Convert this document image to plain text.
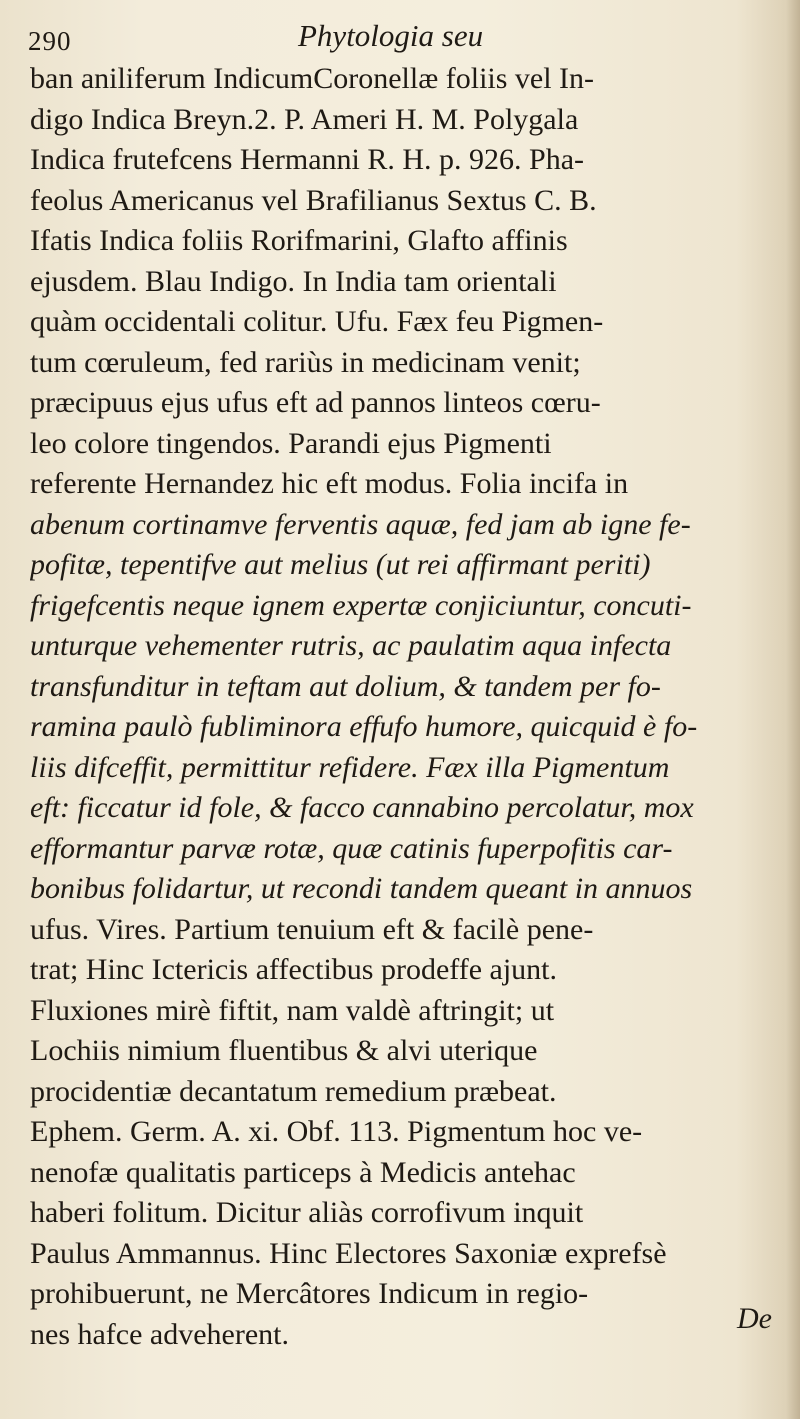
290	Phytologia seu
ban aniliferum IndicumCoronellæ foliis vel In-
digo Indica Breyn.2. P. Ameri H. M. Polygala
Indica frutefcens Hermanni R. H. p. 926. Pha-
feolus Americanus vel Brafilianus Sextus C. B.
Ifatis Indica foliis Rorifmarini, Glafto affinis
ejusdem. Blau Indigo. In India tam orientali
quàm occidentali colitur. Ufu. Fæx feu Pigmen-
tum cœruleum, fed rariùs in medicinam venit;
præcipuus ejus ufus eft ad pannos linteos cœru-
leo colore tingendos. Parandi ejus Pigmenti
referente Hernandez hic eft modus. Folia incifa in
abenum cortinamve ferventis aquæ, fed jam ab igne fe-
pofitæ, tepentifve aut melius (ut rei affirmant periti)
frigefcentis neque ignem expertæ conjiciuntur, concuti-
unturque vehementer rutris, ac paulatim aqua infecta
transfunditur in teftam aut dolium, & tandem per fo-
ramina paulò fubliminora effufo humore, quicquid è fo-
liis difceffit, permittitur refidere. Fæx illa Pigmentum
eft: ficcatur id fole, & facco cannabino percolatur, mox
efformantur parvæ rotæ, quæ catinis fuperpofitis car-
bonibus folidartur, ut recondi tandem queant in annuos
ufus. Vires. Partium tenuium eft & facilè pene-
trat; Hinc Ictericis affectibus prodeffe ajunt.
Fluxiones mirè fiftit, nam valdè aftringit; ut
Lochiis nimium fluentibus & alvi uterique
procidentiæ decantatum remedium præbeat.
Ephem. Germ. A. xi. Obf. 113. Pigmentum hoc ve-
nenofæ qualitatis particeps à Medicis antehac
haberi folitum. Dicitur aliàs corrofivum inquit
Paulus Ammannus. Hinc Electores Saxoniæ exprefsè
prohibuerunt, ne Mercâtores Indicum in regio-
nes hafce adveherent.	De
